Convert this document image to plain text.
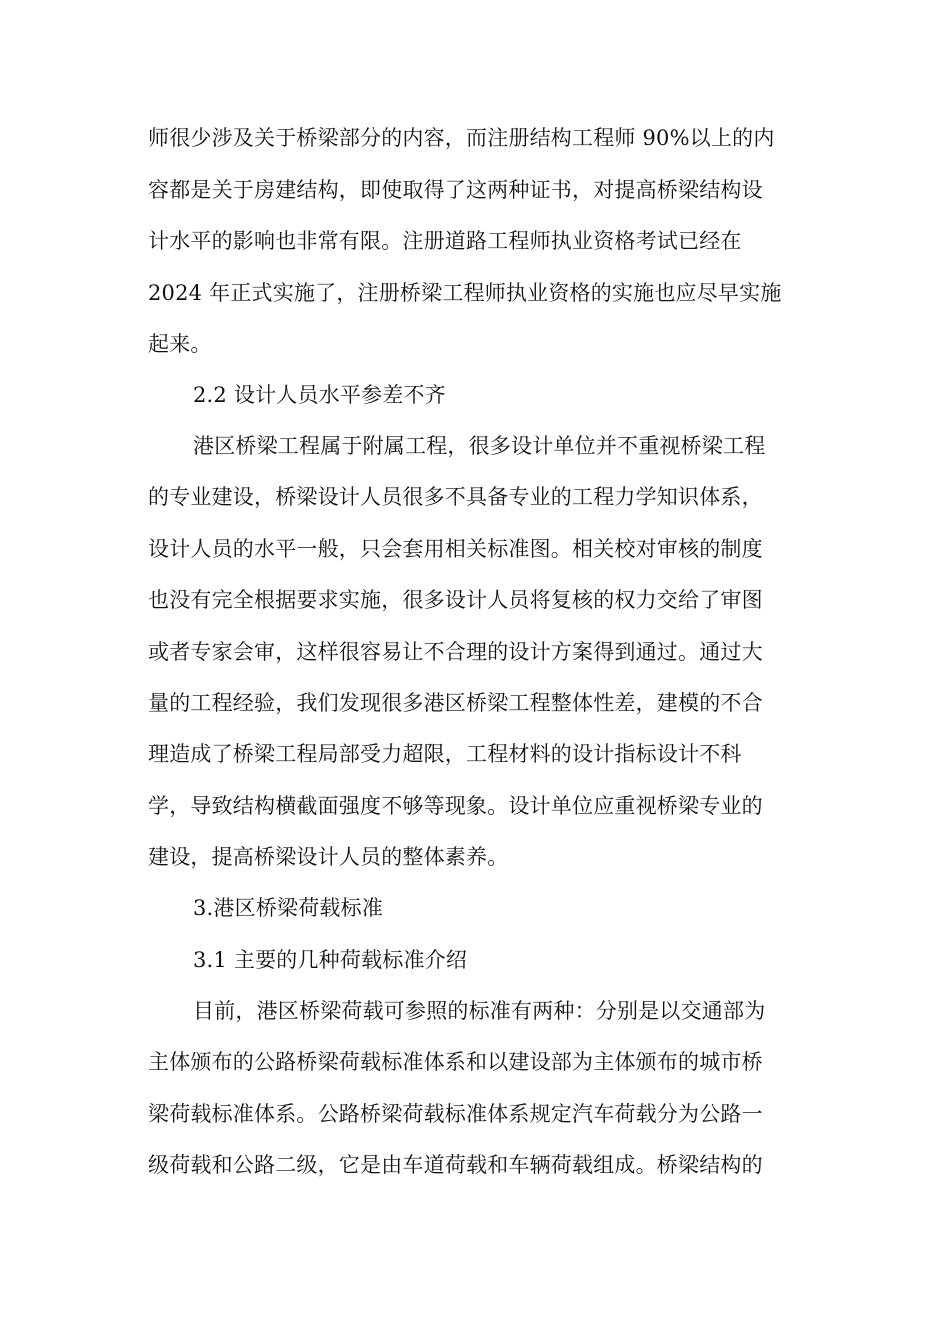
师很少涉及关于桥梁部分的内容，而注册结构工程师 90%以上的内
容都是关于房建结构，即使取得了这两种证书，对提高桥梁结构设
计水平的影响也非常有限。注册道路工程师执业资格考试已经在
2024 年正式实施了，注册桥梁工程师执业资格的实施也应尽早实施
起来。
2.2 设计人员水平参差不齐
港区桥梁工程属于附属工程，很多设计单位并不重视桥梁工程
的专业建设，桥梁设计人员很多不具备专业的工程力学知识体系，
设计人员的水平一般，只会套用相关标准图。相关校对审核的制度
也没有完全根据要求实施，很多设计人员将复核的权力交给了审图
或者专家会审，这样很容易让不合理的设计方案得到通过。通过大
量的工程经验，我们发现很多港区桥梁工程整体性差，建模的不合
理造成了桥梁工程局部受力超限，工程材料的设计指标设计不科
学，导致结构横截面强度不够等现象。设计单位应重视桥梁专业的
建设，提高桥梁设计人员的整体素养。
3.港区桥梁荷载标准
3.1 主要的几种荷载标准介绍
目前，港区桥梁荷载可参照的标准有两种：分别是以交通部为
主体颁布的公路桥梁荷载标准体系和以建设部为主体颁布的城市桥
梁荷载标准体系。公路桥梁荷载标准体系规定汽车荷载分为公路一
级荷载和公路二级，它是由车道荷载和车辆荷载组成。桥梁结构的
